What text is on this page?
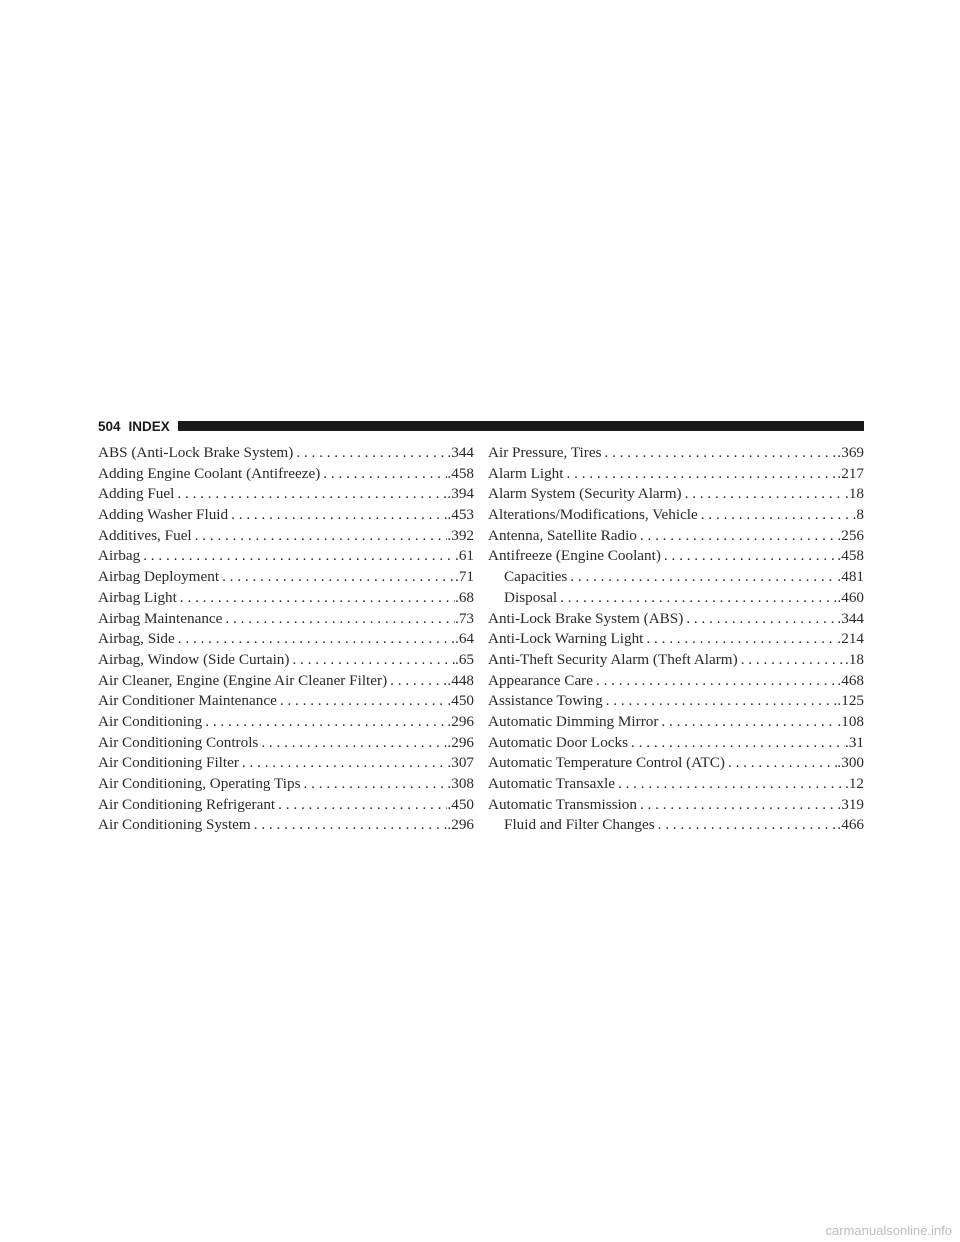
504 INDEX
ABS (Anti-Lock Brake System) . . .	.344
Adding Engine Coolant (Antifreeze) . . .	.458
Adding Fuel . . .	.394
Adding Washer Fluid . . .	.453
Additives, Fuel . . .	.392
Airbag . . .	.61
Airbag Deployment . . .	.71
Airbag Light . . .	.68
Airbag Maintenance . . .	.73
Airbag, Side . . .	.64
Airbag, Window (Side Curtain) . . .	.65
Air Cleaner, Engine (Engine Air Cleaner Filter) . . .	.448
Air Conditioner Maintenance . . .	.450
Air Conditioning . . .	.296
Air Conditioning Controls . . .	.296
Air Conditioning Filter . . .	.307
Air Conditioning, Operating Tips . . .	.308
Air Conditioning Refrigerant . . .	.450
Air Conditioning System . . .	.296
Air Pressure, Tires . . .	.369
Alarm Light . . .	.217
Alarm System (Security Alarm) . . .	.18
Alterations/Modifications, Vehicle . . .	.8
Antenna, Satellite Radio . . .	.256
Antifreeze (Engine Coolant) . . .	.458
Capacities . . .	.481
Disposal . . .	.460
Anti-Lock Brake System (ABS) . . .	.344
Anti-Lock Warning Light . . .	.214
Anti-Theft Security Alarm (Theft Alarm) . . .	.18
Appearance Care . . .	.468
Assistance Towing . . .	.125
Automatic Dimming Mirror . . .	.108
Automatic Door Locks . . .	.31
Automatic Temperature Control (ATC) . . .	.300
Automatic Transaxle . . .	.12
Automatic Transmission . . .	.319
Fluid and Filter Changes . . .	.466
carmanualsonline.info
